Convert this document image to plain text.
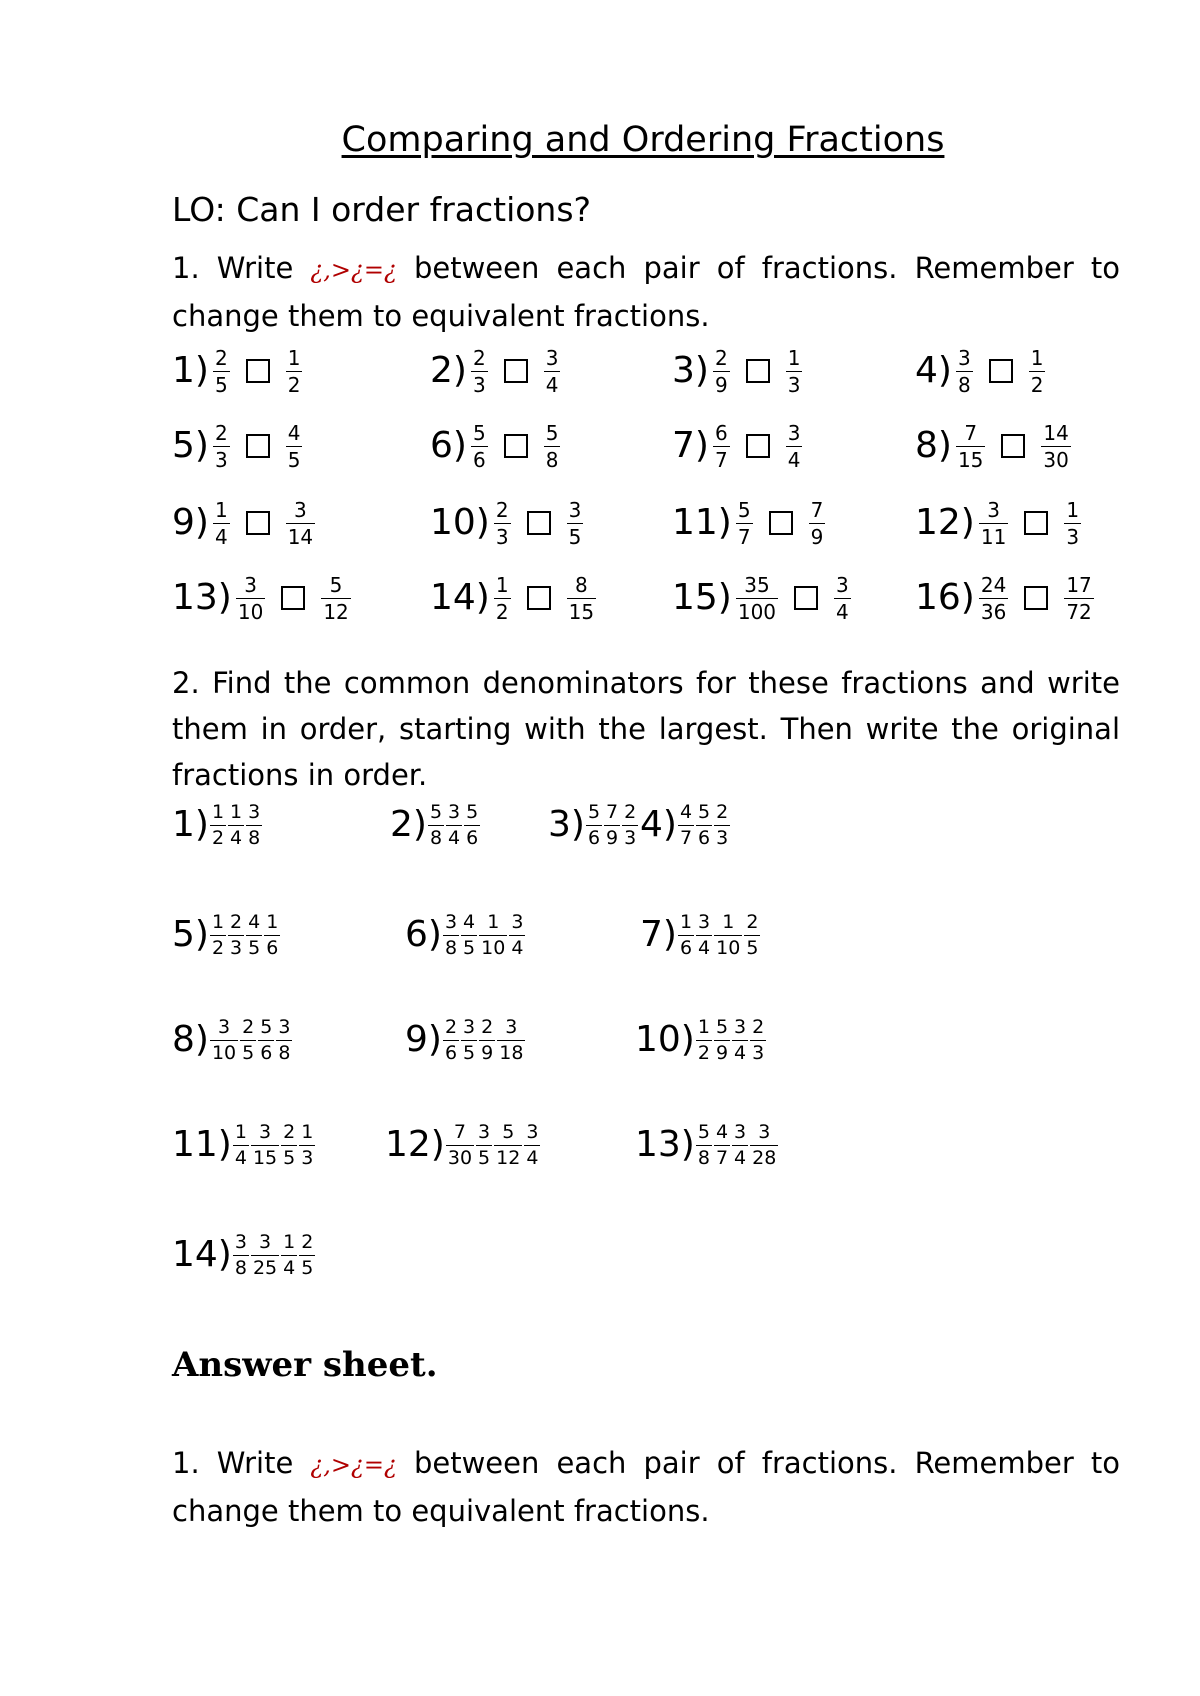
Comparing and Ordering Fractions
LO: Can I order fractions?
1. Write ¿,>¿=¿ between each pair of fractions. Remember to change them to equivalent fractions.
$1) \frac{2}{5}$	$\frac{1}{2}$	$2) \frac{2}{3}$	$\frac{3}{4}$	$3) \frac{2}{9}$	$\frac{1}{3}$	$4) \frac{3}{8}$	$\frac{1}{2}$
$5) \frac{2}{3}$	$\frac{4}{5}$	$6) \frac{5}{6}$	$\frac{5}{8}$	$7) \frac{6}{7}$	$\frac{3}{4}$	$8) \frac{7}{15}$	$\frac{14}{30}$
$9) \frac{1}{4}$	$\frac{3}{14}$	$10) \frac{2}{3}$	$\frac{3}{5} 11) \frac{5}{7}$	$\frac{7}{9} 12) \frac{3}{11}$	$\frac{1}{3}$
$13) \frac{3}{10}$	$\frac{5}{12} 14) \frac{1}{2}$	$\frac{8}{15} 15) \frac{35}{100}$	$\frac{3}{4} 16) \frac{24}{36}$	$\frac{17}{72}$
2. Find the common denominators for these fractions and write them in order, starting with the largest. Then write the original fractions in order.
$1) \frac{1}{2} \frac{1}{4} \frac{3}{8}$	$2) \frac{5}{8} \frac{3}{4} \frac{5}{6} 3) \frac{5}{6} \frac{7}{9} \frac{2}{3} 4) \frac{4}{7} \frac{5}{6} \frac{2}{3}$
$5) \frac{1}{2} \frac{2}{3} \frac{4}{5} \frac{1}{6}$	$6) \frac{3}{8} \frac{4}{5} \frac{1}{10} \frac{3}{4}$	$7) \frac{1}{6} \frac{3}{4} \frac{1}{10} \frac{2}{5}$
$8) \frac{3}{10} \frac{2}{5} \frac{5}{6} \frac{3}{8}$	$9) \frac{2}{6} \frac{3}{5} \frac{2}{9} \frac{3}{18}$	$10) \frac{1}{2} \frac{5}{9} \frac{3}{4} \frac{2}{3}$
$11) \frac{1}{4} \frac{3}{15} \frac{2}{5} \frac{1}{3} 12) \frac{7}{30} \frac{3}{5} \frac{5}{12} \frac{3}{4}$	$13) \frac{5}{8} \frac{4}{7} \frac{3}{4} \frac{3}{28}$
$14) \frac{3}{8} \frac{3}{25} \frac{1}{4} \frac{2}{5}$
Answer sheet.
1. Write ¿,>¿=¿ between each pair of fractions. Remember to change them to equivalent fractions.
